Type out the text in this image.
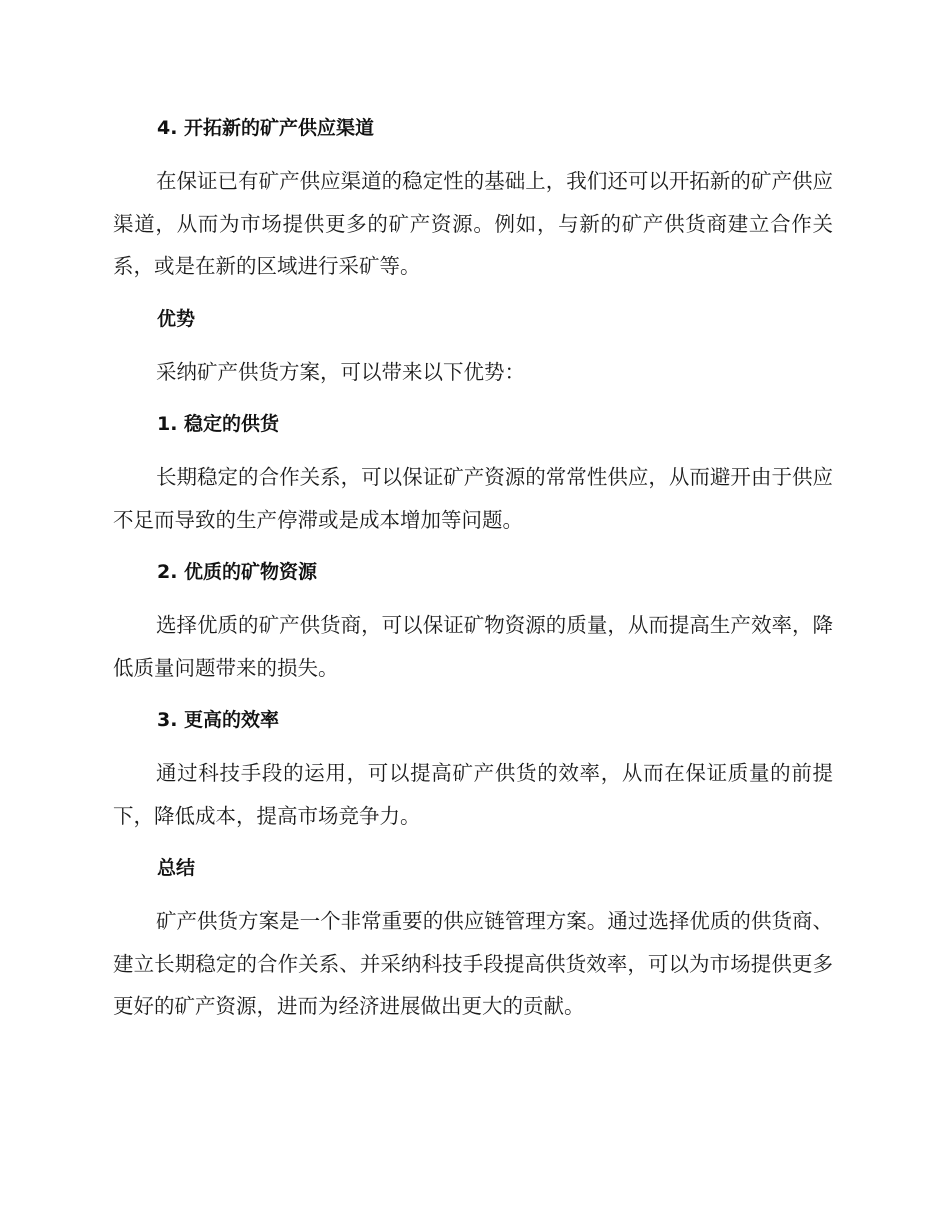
4. 开拓新的矿产供应渠道

在保证已有矿产供应渠道的稳定性的基础上，我们还可以开拓新的矿产供应渠道，从而为市场提供更多的矿产资源。例如，与新的矿产供货商建立合作关系，或是在新的区域进行采矿等。

优势

采纳矿产供货方案，可以带来以下优势：

1. 稳定的供货

长期稳定的合作关系，可以保证矿产资源的常常性供应，从而避开由于供应不足而导致的生产停滞或是成本增加等问题。

2. 优质的矿物资源

选择优质的矿产供货商，可以保证矿物资源的质量，从而提高生产效率，降低质量问题带来的损失。

3. 更高的效率

通过科技手段的运用，可以提高矿产供货的效率，从而在保证质量的前提下，降低成本，提高市场竞争力。

总结

矿产供货方案是一个非常重要的供应链管理方案。通过选择优质的供货商、建立长期稳定的合作关系、并采纳科技手段提高供货效率，可以为市场提供更多更好的矿产资源，进而为经济进展做出更大的贡献。
